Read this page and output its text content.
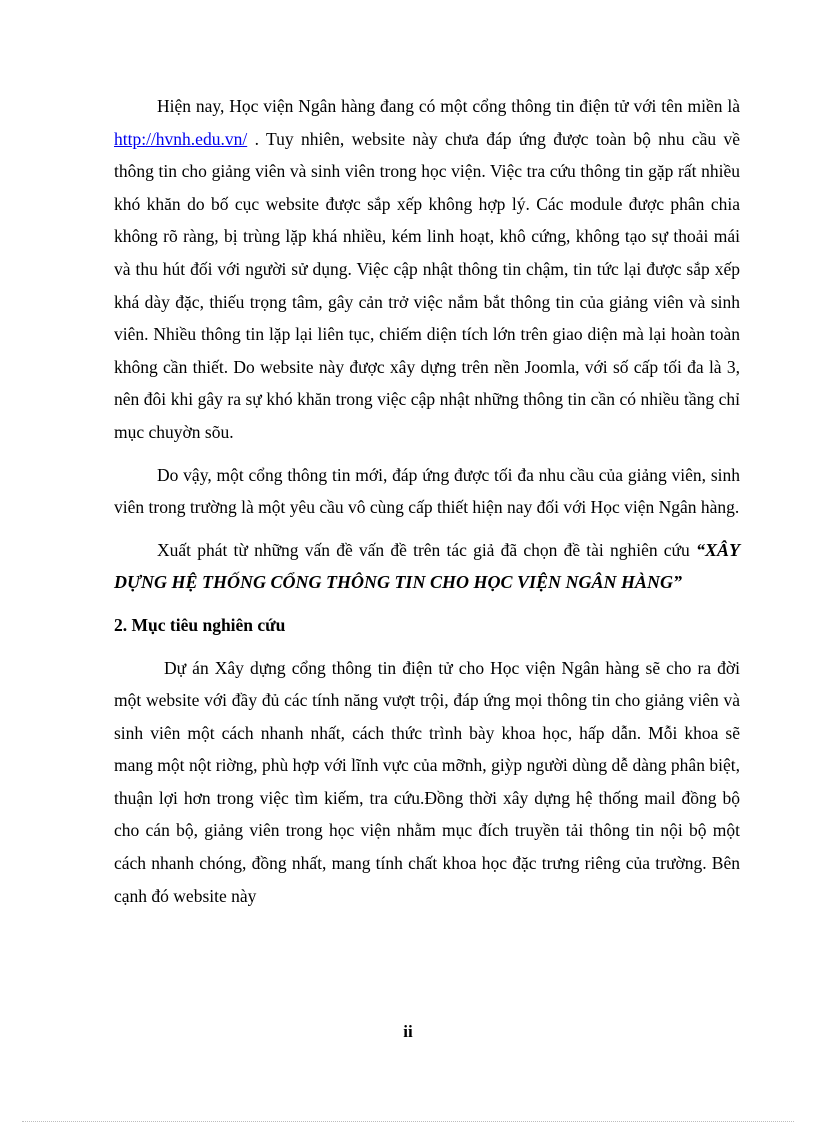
Hiện nay, Học viện Ngân hàng đang có một cổng thông tin điện tử với tên miền là http://hvnh.edu.vn/ . Tuy nhiên, website này chưa đáp ứng được toàn bộ nhu cầu về thông tin cho giảng viên và sinh viên trong học viện. Việc tra cứu thông tin gặp rất nhiều khó khăn do bố cục website được sắp xếp không hợp lý. Các module được phân chia không rõ ràng, bị trùng lặp khá nhiều, kém linh hoạt, khô cứng, không tạo sự thoải mái và thu hút đối với người sử dụng. Việc cập nhật thông tin chậm, tin tức lại được sắp xếp khá dày đặc, thiếu trọng tâm, gây cản trở việc nắm bắt thông tin của giảng viên và sinh viên. Nhiều thông tin lặp lại liên tục, chiếm diện tích lớn trên giao diện mà lại hoàn toàn không cần thiết. Do website này được xây dựng trên nền Joomla, với số cấp tối đa là 3, nên đôi khi gây ra sự khó khăn trong việc cập nhật những thông tin cần có nhiều tầng chỉ mục chuyờn sõu.

Do vậy, một cổng thông tin mới, đáp ứng được tối đa nhu cầu của giảng viên, sinh viên trong trường là một yêu cầu vô cùng cấp thiết hiện nay đối với Học viện Ngân hàng.

Xuất phát từ những vấn đề vấn đề trên tác giả đã chọn đề tài nghiên cứu “XÂY DỰNG HỆ THỐNG CỔNG THÔNG TIN CHO HỌC VIỆN NGÂN HÀNG”

2. Mục tiêu nghiên cứu

Dự án Xây dựng cổng thông tin điện tử cho Học viện Ngân hàng sẽ cho ra đời một website với đầy đủ các tính năng vượt trội, đáp ứng mọi thông tin cho giảng viên và sinh viên một cách nhanh nhất, cách thức trình bày khoa học, hấp dẫn. Mỗi khoa sẽ mang một nột riờng, phù hợp với lĩnh vực của mỡnh, giỳp người dùng dễ dàng phân biệt, thuận lợi hơn trong việc tìm kiếm, tra cứu.Đồng thời xây dựng hệ thống mail đồng bộ cho cán bộ, giảng viên trong học viện nhằm mục đích truyền tải thông tin nội bộ một cách nhanh chóng, đồng nhất, mang tính chất khoa học đặc trưng riêng của trường. Bên cạnh đó website này

ii
